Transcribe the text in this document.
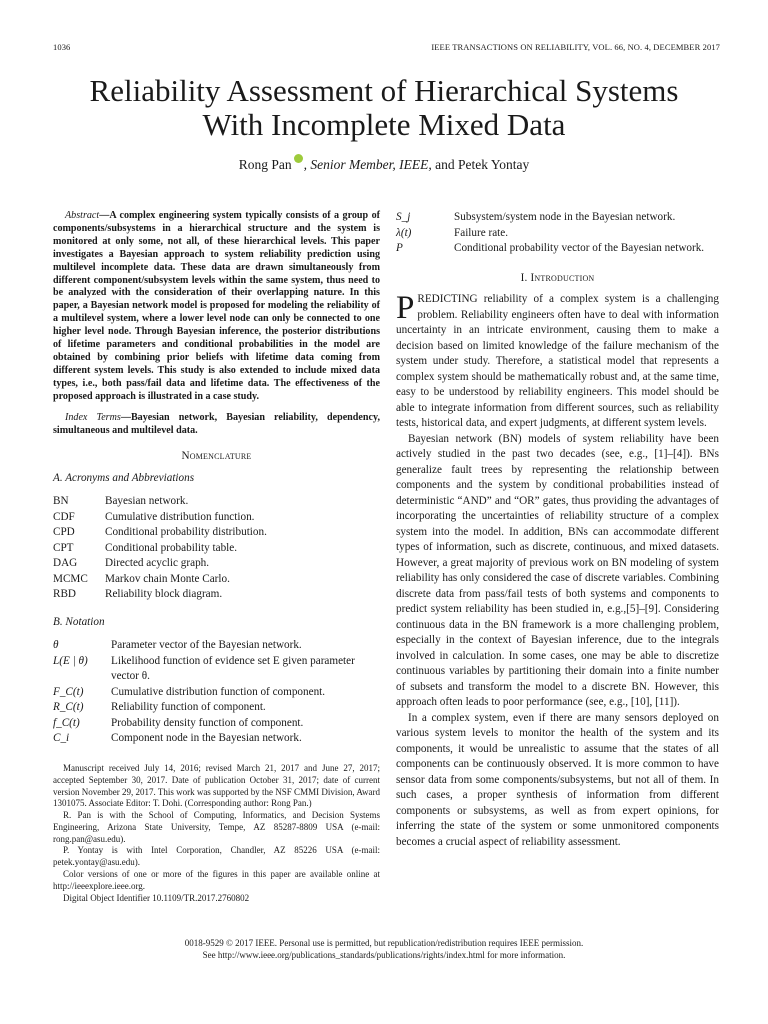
1036	IEEE TRANSACTIONS ON RELIABILITY, VOL. 66, NO. 4, DECEMBER 2017
Reliability Assessment of Hierarchical Systems
With Incomplete Mixed Data
Rong Pan , Senior Member, IEEE, and Petek Yontay

Abstract—A complex engineering system typically consists of a group of components/subsystems in a hierarchical structure and the system is monitored at only some, not all, of these hierarchical levels. This paper investigates a Bayesian approach to system reliability prediction using multilevel incomplete data. These data are drawn simultaneously from different component/subsystem levels within the same system, thus need to be analyzed with the consideration of their overlapping nature. In this paper, a Bayesian network model is proposed for modeling the reliability of a multilevel system, where a lower level node can only be connected to one higher level node. Through Bayesian inference, the posterior distributions of lifetime parameters and conditional probabilities in the model are obtained by combining prior beliefs with lifetime data coming from different system levels. This study is also extended to include mixed data types, i.e., both pass/fail data and lifetime data. The effectiveness of the proposed approach is illustrated in a case study.

Index Terms—Bayesian network, Bayesian reliability, dependency, simultaneous and multilevel data.

Nomenclature
A. Acronyms and Abbreviations
BN	Bayesian network.
CDF	Cumulative distribution function.
CPD	Conditional probability distribution.
CPT	Conditional probability table.
DAG	Directed acyclic graph.
MCMC	Markov chain Monte Carlo.
RBD	Reliability block diagram.
B. Notation
θ	Parameter vector of the Bayesian network.
L(E | θ)	Likelihood function of evidence set E given parameter vector θ.
F_C(t)	Cumulative distribution function of component.
R_C(t)	Reliability function of component.
f_C(t)	Probability density function of component.
C_i	Component node in the Bayesian network.

Manuscript received July 14, 2016; revised March 21, 2017 and June 27, 2017; accepted September 30, 2017. Date of publication October 31, 2017; date of current version November 29, 2017. This work was supported by the NSF CMMI Division, Award 1301075. Associate Editor: T. Dohi. (Corresponding author: Rong Pan.)

R. Pan is with the School of Computing, Informatics, and Decision Systems Engineering, Arizona State University, Tempe, AZ 85287-8809 USA (e-mail: rong.pan@asu.edu).

P. Yontay is with Intel Corporation, Chandler, AZ 85226 USA (e-mail: petek.yontay@asu.edu).

Color versions of one or more of the figures in this paper are available online at http://ieeexplore.ieee.org.

Digital Object Identifier 10.1109/TR.2017.2760802

S_j	Subsystem/system node in the Bayesian network.
λ(t)	Failure rate.
P	Conditional probability vector of the Bayesian network.
I. Introduction

PREDICTING reliability of a complex system is a challenging problem. Reliability engineers often have to deal with information uncertainty in an intricate environment, causing them to make a decision based on limited knowledge of the failure mechanism of the system under study. Therefore, a statistical model that represents a complex system should be mathematically robust and, at the same time, easy to be understood by reliability engineers. This model should be able to integrate information from different sources, such as reliability tests, historical data, and expert judgments, at different system levels.

Bayesian network (BN) models of system reliability have been actively studied in the past two decades (see, e.g., [1]–[4]). BNs generalize fault trees by representing the relationship between components and the system by conditional probabilities instead of deterministic “AND” and “OR” gates, thus providing the advantages of incorporating the uncertainties of reliability structure of a complex system into the model. In addition, BNs can accommodate different types of information, such as discrete, continuous, and mixed datasets. However, a great majority of previous work on BN modeling of system reliability has only considered the case of discrete variables. Combining discrete data from pass/fail tests of both systems and components to predict system reliability has been studied in, e.g.,[5]–[9]. Considering continuous data in the BN framework is a more challenging problem, especially in the context of Bayesian inference, due to the integrals involved in calculation. In some cases, one may be able to discretize continuous variables by partitioning their domain into a finite number of subsets and transform the model to a discrete BN. However, this approach often leads to poor performance (see, e.g., [10], [11]).

In a complex system, even if there are many sensors deployed on various system levels to monitor the health of the system and its components, it would be unrealistic to assume that the states of all components can be continuously observed. It is more common to have sensor data from some components/subsystems, but not all of them. In such cases, a proper synthesis of information from different components or subsystems, as well as from expert opinions, for inferring the state of the system or some unmonitored components becomes a crucial aspect of reliability assessment.

0018-9529 © 2017 IEEE. Personal use is permitted, but republication/redistribution requires IEEE permission.
See http://www.ieee.org/publications_standards/publications/rights/index.html for more information.
